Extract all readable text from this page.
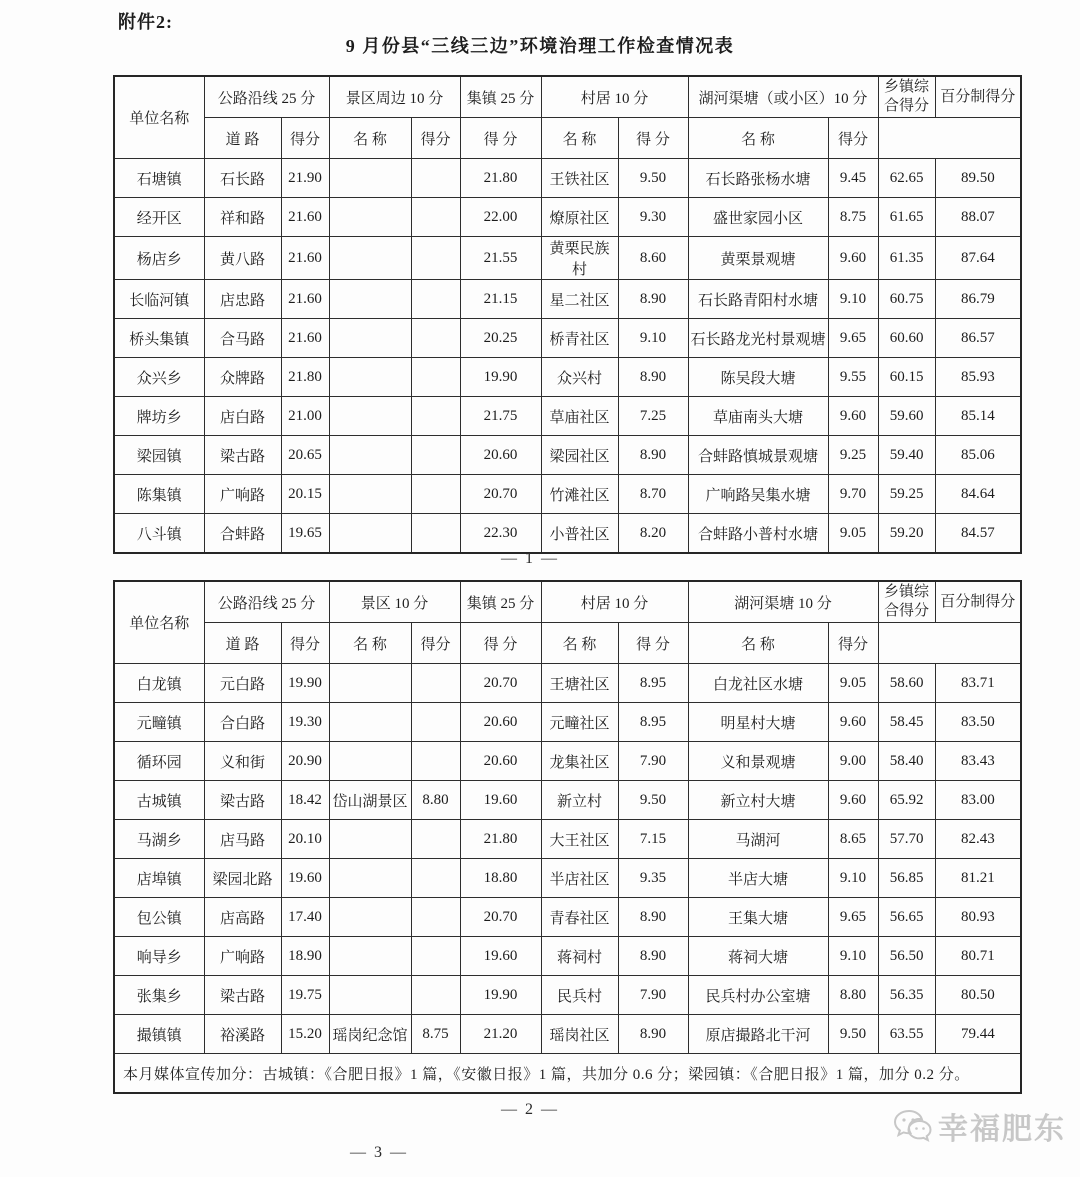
附件2:
9 月份县“三线三边”环境治理工作检查情况表
单位名称	公路沿线 25 分		景区周边 10 分		集镇 25 分	村居 10 分		湖河渠塘（或小区）10 分		乡镇综合得分	百分制得分
	道 路	得分	名 称	得分	得 分	名 称	得 分	名 称	得分		
石塘镇	石长路	21.90			21.80	王铁社区	9.50	石长路张杨水塘	9.45	62.65	89.50
经开区	祥和路	21.60			22.00	燎原社区	9.30	盛世家园小区	8.75	61.65	88.07
杨店乡	黄八路	21.60			21.55	黄栗民族村	8.60	黄栗景观塘	9.60	61.35	87.64
长临河镇	店忠路	21.60			21.15	星二社区	8.90	石长路青阳村水塘	9.10	60.75	86.79
桥头集镇	合马路	21.60			20.25	桥青社区	9.10	石长路龙光村景观塘	9.65	60.60	86.57
众兴乡	众牌路	21.80			19.90	众兴村	8.90	陈吴段大塘	9.55	60.15	85.93
牌坊乡	店白路	21.00			21.75	草庙社区	7.25	草庙南头大塘	9.60	59.60	85.14
梁园镇	梁古路	20.65			20.60	梁园社区	8.90	合蚌路慎城景观塘	9.25	59.40	85.06
陈集镇	广响路	20.15			20.70	竹滩社区	8.70	广响路吴集水塘	9.70	59.25	84.64
八斗镇	合蚌路	19.65			22.30	小普社区	8.20	合蚌路小普村水塘	9.05	59.20	84.57
— 1 —
单位名称	公路沿线 25 分		景区 10 分		集镇 25 分	村居 10 分		湖河渠塘 10 分		乡镇综合得分	百分制得分
	道 路	得分	名 称	得分	得 分	名 称	得 分	名 称	得分		
白龙镇	元白路	19.90			20.70	王塘社区	8.95	白龙社区水塘	9.05	58.60	83.71
元疃镇	合白路	19.30			20.60	元疃社区	8.95	明星村大塘	9.60	58.45	83.50
循环园	义和街	20.90			20.60	龙集社区	7.90	义和景观塘	9.00	58.40	83.43
古城镇	梁古路	18.42	岱山湖景区	8.80	19.60	新立村	9.50	新立村大塘	9.60	65.92	83.00
马湖乡	店马路	20.10			21.80	大王社区	7.15	马湖河	8.65	57.70	82.43
店埠镇	梁园北路	19.60			18.80	半店社区	9.35	半店大塘	9.10	56.85	81.21
包公镇	店高路	17.40			20.70	青春社区	8.90	王集大塘	9.65	56.65	80.93
响导乡	广响路	18.90			19.60	蒋祠村	8.90	蒋祠大塘	9.10	56.50	80.71
张集乡	梁古路	19.75			19.90	民兵村	7.90	民兵村办公室塘	8.80	56.35	80.50
撮镇镇	裕溪路	15.20	瑶岗纪念馆	8.75	21.20	瑶岗社区	8.90	原店撮路北干河	9.50	63.55	79.44
本月媒体宣传加分：古城镇：《合肥日报》1 篇，《安徽日报》1 篇，共加分 0.6 分；梁园镇：《合肥日报》1 篇，加分 0.2 分。											
— 2 —
— 3 —
幸福肥东
